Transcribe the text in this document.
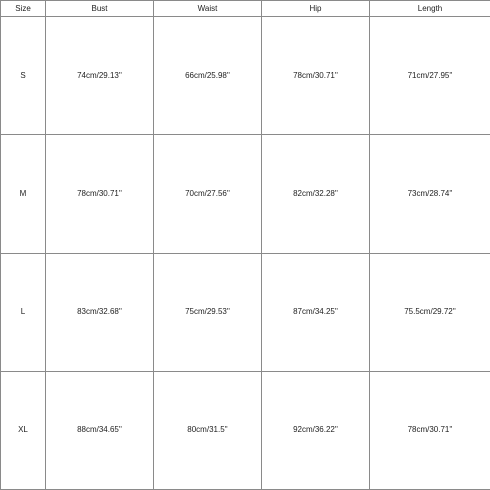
Size	Bust	Waist	Hip	Length
S	74cm/29.13''	66cm/25.98''	78cm/30.71''	71cm/27.95''
M	78cm/30.71''	70cm/27.56''	82cm/32.28''	73cm/28.74''
L	83cm/32.68''	75cm/29.53''	87cm/34.25''	75.5cm/29.72''
XL	88cm/34.65''	80cm/31.5''	92cm/36.22''	78cm/30.71''
